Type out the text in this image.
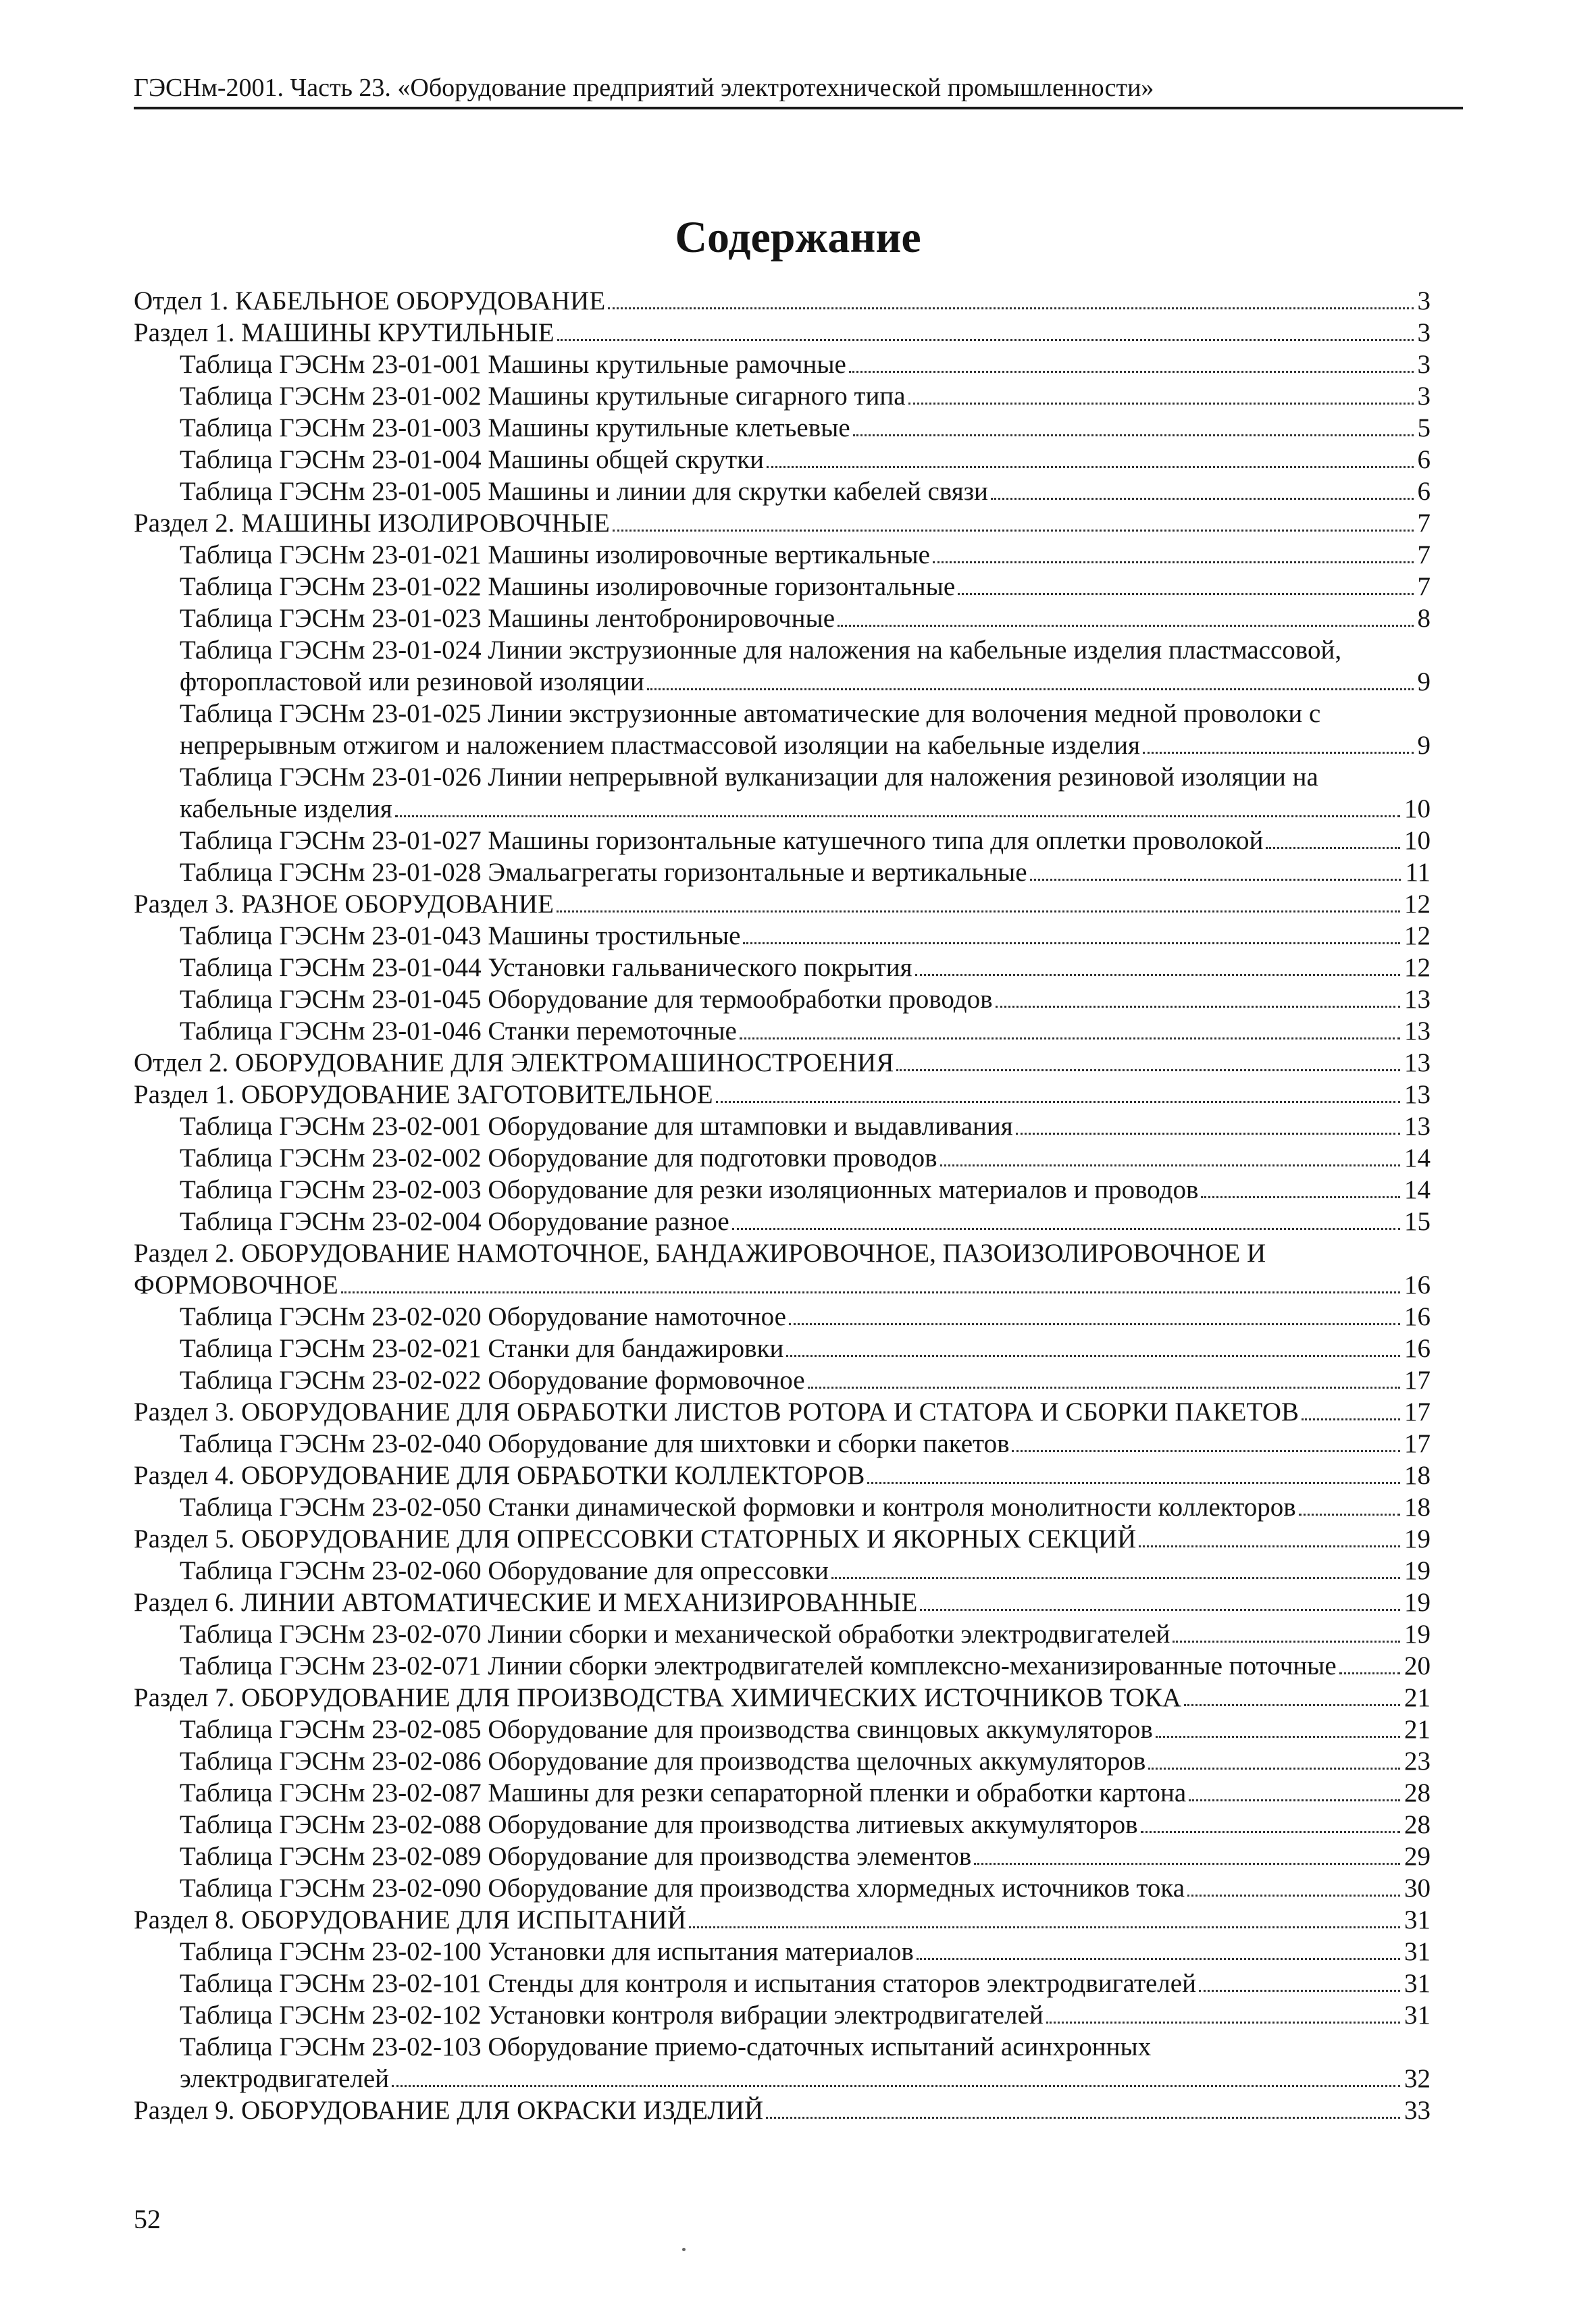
ГЭСНм-2001. Часть 23. «Оборудование предприятий электротехнической промышленности»
Содержание
Отдел 1. КАБЕЛЬНОЕ ОБОРУДОВАНИЕ	3
Раздел 1. МАШИНЫ КРУТИЛЬНЫЕ	3
Таблица ГЭСНм 23-01-001 Машины крутильные рамочные	3
Таблица ГЭСНм 23-01-002 Машины крутильные сигарного типа	3
Таблица ГЭСНм 23-01-003 Машины крутильные клетьевые	5
Таблица ГЭСНм 23-01-004 Машины общей скрутки	6
Таблица ГЭСНм 23-01-005 Машины и линии для скрутки кабелей связи	6
Раздел 2. МАШИНЫ ИЗОЛИРОВОЧНЫЕ	7
Таблица ГЭСНм 23-01-021 Машины изолировочные вертикальные	7
Таблица ГЭСНм 23-01-022 Машины изолировочные горизонтальные	7
Таблица ГЭСНм 23-01-023 Машины лентобронировочные	8
Таблица ГЭСНм 23-01-024 Линии экструзионные для наложения на кабельные изделия пластмассовой,
фторопластовой или резиновой изоляции	9
Таблица ГЭСНм 23-01-025 Линии экструзионные автоматические для волочения медной проволоки с
непрерывным отжигом и наложением пластмассовой изоляции на кабельные изделия	9
Таблица ГЭСНм 23-01-026 Линии непрерывной вулканизации для наложения резиновой изоляции на
кабельные изделия	10
Таблица ГЭСНм 23-01-027 Машины горизонтальные катушечного типа для оплетки проволокой	10
Таблица ГЭСНм 23-01-028 Эмальагрегаты горизонтальные и вертикальные	11
Раздел 3. РАЗНОЕ ОБОРУДОВАНИЕ	12
Таблица ГЭСНм 23-01-043 Машины тростильные	12
Таблица ГЭСНм 23-01-044 Установки гальванического покрытия	12
Таблица ГЭСНм 23-01-045 Оборудование для термообработки проводов	13
Таблица ГЭСНм 23-01-046 Станки перемоточные	13
Отдел 2. ОБОРУДОВАНИЕ ДЛЯ ЭЛЕКТРОМАШИНОСТРОЕНИЯ	13
Раздел 1. ОБОРУДОВАНИЕ ЗАГОТОВИТЕЛЬНОЕ	13
Таблица ГЭСНм 23-02-001 Оборудование для штамповки и выдавливания	13
Таблица ГЭСНм 23-02-002 Оборудование для подготовки проводов	14
Таблица ГЭСНм 23-02-003 Оборудование для резки изоляционных материалов и проводов	14
Таблица ГЭСНм 23-02-004 Оборудование разное	15
Раздел 2. ОБОРУДОВАНИЕ НАМОТОЧНОЕ, БАНДАЖИРОВОЧНОЕ, ПАЗОИЗОЛИРОВОЧНОЕ И
ФОРМОВОЧНОЕ	16
Таблица ГЭСНм 23-02-020 Оборудование намоточное	16
Таблица ГЭСНм 23-02-021 Станки для бандажировки	16
Таблица ГЭСНм 23-02-022 Оборудование формовочное	17
Раздел 3. ОБОРУДОВАНИЕ ДЛЯ ОБРАБОТКИ ЛИСТОВ РОТОРА И СТАТОРА И СБОРКИ ПАКЕТОВ	17
Таблица ГЭСНм 23-02-040 Оборудование для шихтовки и сборки пакетов	17
Раздел 4. ОБОРУДОВАНИЕ ДЛЯ ОБРАБОТКИ КОЛЛЕКТОРОВ	18
Таблица ГЭСНм 23-02-050 Станки динамической формовки и контроля монолитности коллекторов	18
Раздел 5. ОБОРУДОВАНИЕ ДЛЯ ОПРЕССОВКИ СТАТОРНЫХ И ЯКОРНЫХ СЕКЦИЙ	19
Таблица ГЭСНм 23-02-060 Оборудование для опрессовки	19
Раздел 6. ЛИНИИ АВТОМАТИЧЕСКИЕ И МЕХАНИЗИРОВАННЫЕ	19
Таблица ГЭСНм 23-02-070 Линии сборки и механической обработки электродвигателей	19
Таблица ГЭСНм 23-02-071 Линии сборки электродвигателей комплексно-механизированные поточные	20
Раздел 7. ОБОРУДОВАНИЕ ДЛЯ ПРОИЗВОДСТВА ХИМИЧЕСКИХ ИСТОЧНИКОВ ТОКА	21
Таблица ГЭСНм 23-02-085 Оборудование для производства свинцовых аккумуляторов	21
Таблица ГЭСНм 23-02-086 Оборудование для производства щелочных аккумуляторов	23
Таблица ГЭСНм 23-02-087 Машины для резки сепараторной пленки и обработки картона	28
Таблица ГЭСНм 23-02-088 Оборудование для производства литиевых аккумуляторов	28
Таблица ГЭСНм 23-02-089 Оборудование для производства элементов	29
Таблица ГЭСНм 23-02-090 Оборудование для производства хлормедных источников тока	30
Раздел 8. ОБОРУДОВАНИЕ ДЛЯ ИСПЫТАНИЙ	31
Таблица ГЭСНм 23-02-100 Установки для испытания материалов	31
Таблица ГЭСНм 23-02-101 Стенды для контроля и испытания статоров электродвигателей	31
Таблица ГЭСНм 23-02-102 Установки контроля вибрации электродвигателей	31
Таблица ГЭСНм 23-02-103 Оборудование приемо-сдаточных испытаний асинхронных
электродвигателей	32
Раздел 9. ОБОРУДОВАНИЕ ДЛЯ ОКРАСКИ ИЗДЕЛИЙ	33
52
